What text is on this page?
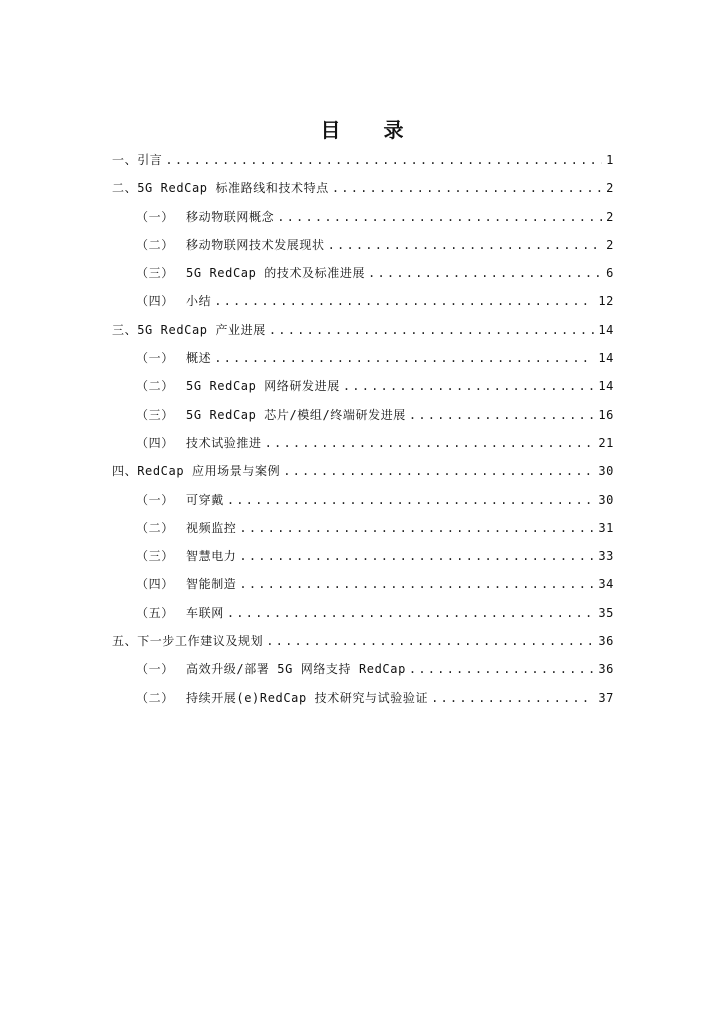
目 录
一、 引言 .....	1
二、 5G RedCap 标准路线和技术特点 .....	2
（一）	移动物联网概念 .....	2
（二）	移动物联网技术发展现状 .....	2
（三）	5G RedCap 的技术及标准进展 .....	6
（四）	小结 .....	12
三、 5G RedCap 产业进展 .....	14
（一）	概述 .....	14
（二）	5G RedCap 网络研发进展 .....	14
（三）	5G RedCap 芯片/模组/终端研发进展 .....	16
（四）	技术试验推进 .....	21
四、 RedCap 应用场景与案例 .....	30
（一）	可穿戴 .....	30
（二）	视频监控 .....	31
（三）	智慧电力 .....	33
（四）	智能制造 .....	34
（五）	车联网 .....	35
五、 下一步工作建议及规划 .....	36
（一）	高效升级/部署 5G 网络支持 RedCap .....	36
（二）	持续开展(e)RedCap 技术研究与试验验证 .....	37
